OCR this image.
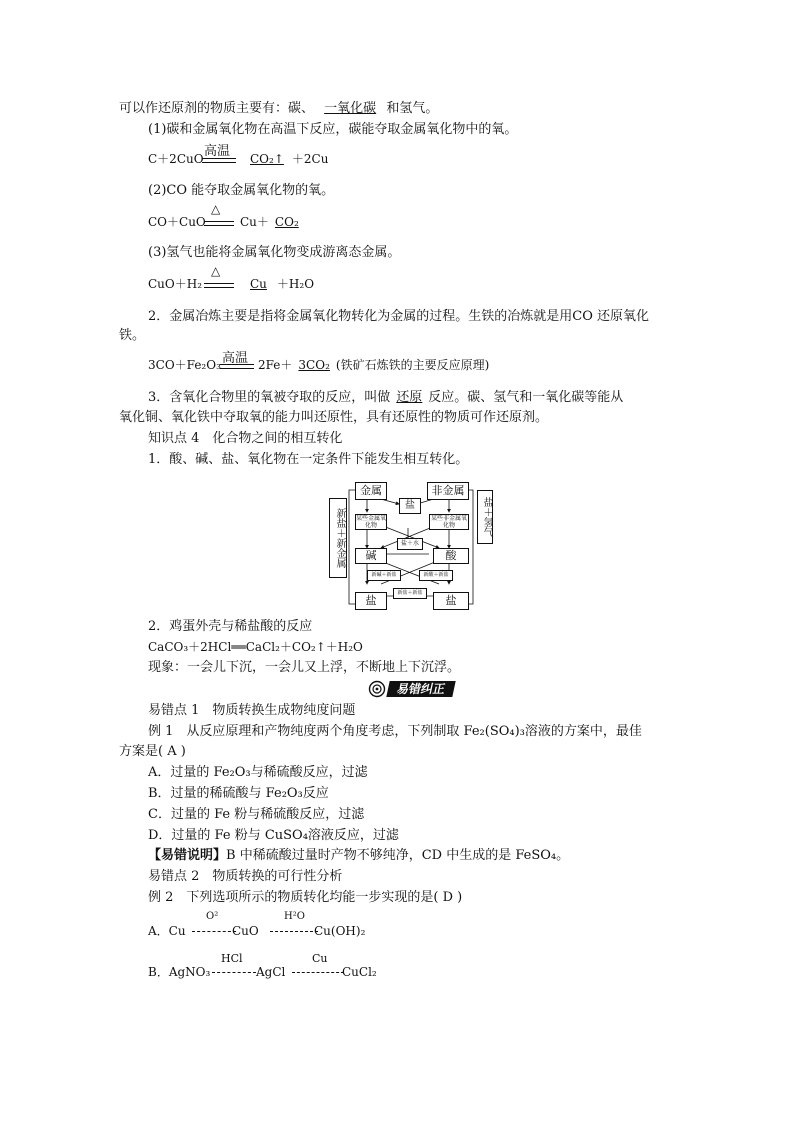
可以作还原剂的物质主要有：碳、 一氧化碳 和氢气。
(1)碳和金属氧化物在高温下反应，碳能夺取金属氧化物中的氧。
C＋2CuO 高温	CO₂↑ ＋2Cu
(2)CO 能夺取金属氧化物的氧。
CO＋CuO
△
Cu＋ CO₂
(3)氢气也能将金属氧化物变成游离态金属。
CuO＋H₂
△
Cu ＋H₂O
2．金属冶炼主要是指将金属氧化物转化为金属的过程。生铁的冶炼就是用CO 还原氧化
铁。
3CO＋Fe₂O₃ 高温 2Fe＋ 3CO₂ (铁矿石炼铁的主要反应原理)
3．含氧化合物里的氧被夺取的反应，叫做 还原 反应。碳、氢气和一氧化碳等能从
氧化铜、氧化铁中夺取氧的能力叫还原性，具有还原性的物质可作还原剂。
知识点 4　化合物之间的相互转化
1．酸、碱、盐、氧化物在一定条件下能发生相互转化。
金属	非金属
盐
某些金属氧化物
某些非金属氧化物
盐＋水
碱	酸
新碱＋新盐	新酸＋新盐
新盐＋新盐
盐	盐
新盐＋新金属	盐＋氢气
2．鸡蛋外壳与稀盐酸的反应
CaCO₃＋2HCl══CaCl₂＋CO₂↑＋H₂O
现象：一会儿下沉，一会儿又上浮，不断地上下沉浮。
易错纠正
易错点 1　物质转换生成物纯度问题
例 1　从反应原理和产物纯度两个角度考虑，下列制取 Fe₂(SO₄)₃溶液的方案中，最佳
方案是( A )
A．过量的 Fe₂O₃与稀硫酸反应，过滤
B．过量的稀硫酸与 Fe₂O₃反应
C．过量的 Fe 粉与稀硫酸反应，过滤
D．过量的 Fe 粉与 CuSO₄溶液反应，过滤
【易错说明】B 中稀硫酸过量时产物不够纯净，CD 中生成的是 FeSO₄。
易错点 2　物质转换的可行性分析
例 2　下列选项所示的物质转化均能一步实现的是( D )
A．Cu
O²
CuO
H²O
Cu(OH)₂
B．AgNO₃
HCl
AgCl
Cu
CuCl₂
